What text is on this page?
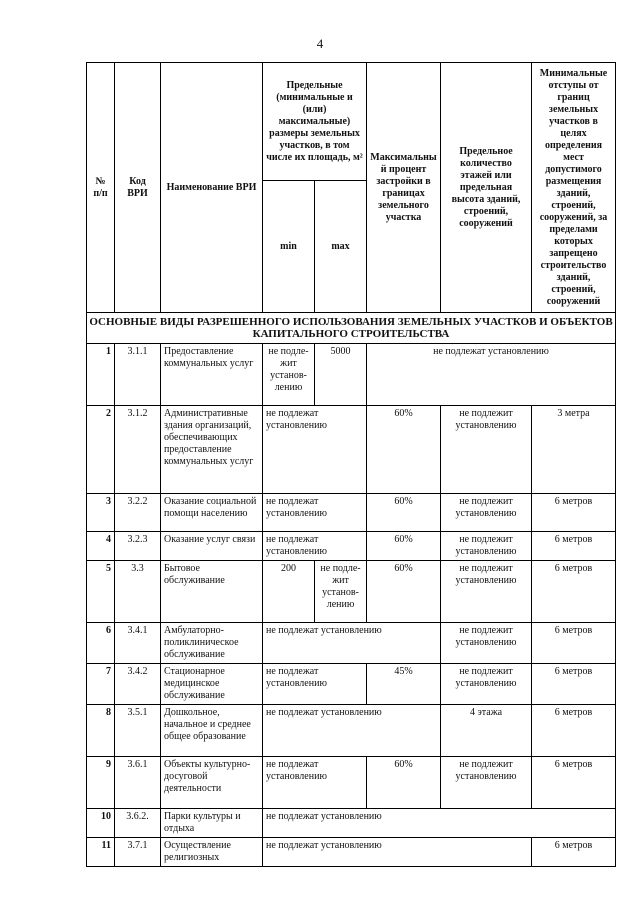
4
№ п/п	Код ВРИ	Наименование ВРИ	Предельные (минимальные и (или) максимальные) размеры земельных участков, в том числе их площадь, м²		Максимальный процент застройки в границах земельного участка	Предельное количество этажей или предельная высота зданий, строений, сооружений	Минимальные отступы от границ земельных участков в целях определения мест допустимого размещения зданий, строений, сооружений, за пределами которых запрещено строительство зданий, строений, сооружений
			min	max			
ОСНОВНЫЕ ВИДЫ РАЗРЕШЕННОГО ИСПОЛЬЗОВАНИЯ ЗЕМЕЛЬНЫХ УЧАСТКОВ И ОБЪЕКТОВ КАПИТАЛЬНОГО СТРОИТЕЛЬСТВА							
1	3.1.1	Предоставление коммунальных услуг	не подле-жит установ-лению	5000	не подлежат установлению		
2	3.1.2	Административные здания организаций, обеспечивающих предоставление коммунальных услуг	не подлежат установлению		60%	не подлежит установлению	3 метра
3	3.2.2	Оказание социальной помощи населению	не подлежат установлению		60%	не подлежит установлению	6 метров
4	3.2.3	Оказание услуг связи	не подлежат установлению		60%	не подлежит установлению	6 метров
5	3.3	Бытовое обслуживание	200	не подле-жит установ-лению	60%	не подлежит установлению	6 метров
6	3.4.1	Амбулаторно-поликлиническое обслуживание	не подлежат установлению			не подлежит установлению	6 метров
7	3.4.2	Стационарное медицинское обслуживание	не подлежат установлению		45%	не подлежит установлению	6 метров
8	3.5.1	Дошкольное, начальное и среднее общее образование	не подлежат установлению			4 этажа	6 метров
9	3.6.1	Объекты культурно-досуговой деятельности	не подлежат установлению		60%	не подлежит установлению	6 метров
10	3.6.2.	Парки культуры и отдыха	не подлежат установлению				
11	3.7.1	Осуществление религиозных	не подлежат установлению				6 метров
